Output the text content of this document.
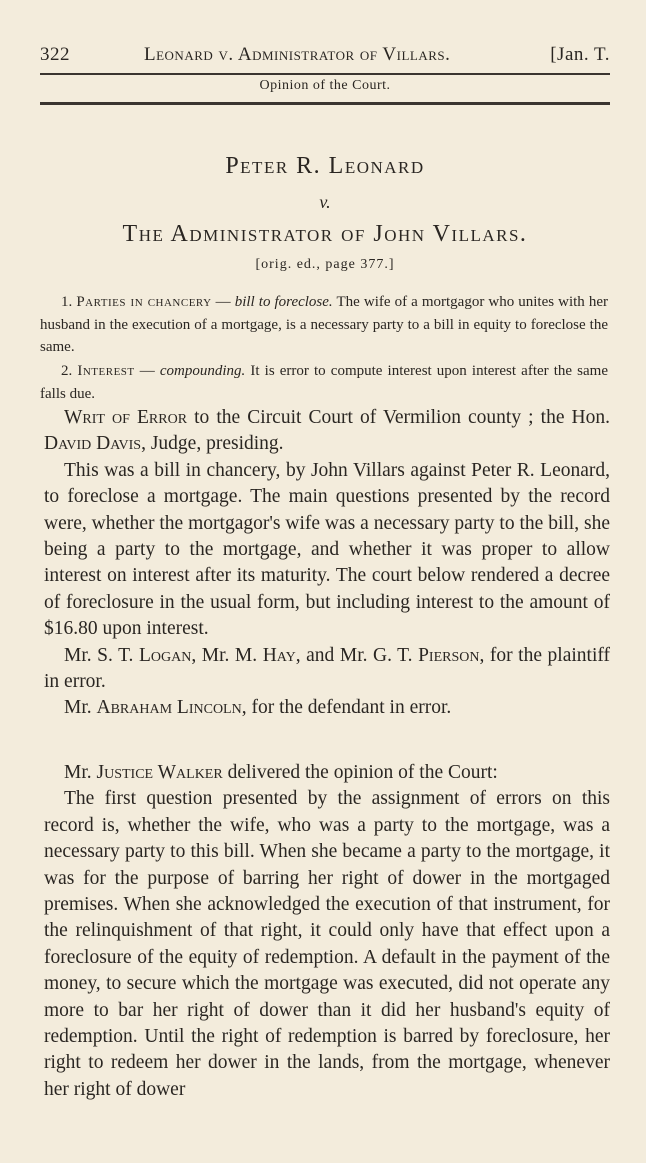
322	Leonard v. Administrator of Villars.	[Jan. T.
Opinion of the Court.
Peter R. Leonard
v.
The Administrator of John Villars.
[orig. ed., page 377.]
1. Parties in chancery — bill to foreclose. The wife of a mortgagor who unites with her husband in the execution of a mortgage, is a necessary party to a bill in equity to foreclose the same.
2. Interest — compounding. It is error to compute interest upon interest after the same falls due.

Writ of Error to the Circuit Court of Vermilion county ; the Hon. David Davis, Judge, presiding.

This was a bill in chancery, by John Villars against Peter R. Leonard, to foreclose a mortgage. The main questions presented by the record were, whether the mortgagor's wife was a necessary party to the bill, she being a party to the mortgage, and whether it was proper to allow interest on interest after its maturity. The court below rendered a decree of foreclosure in the usual form, but including interest to the amount of $16.80 upon interest.

Mr. S. T. Logan, Mr. M. Hay, and Mr. G. T. Pierson, for the plaintiff in error.

Mr. Abraham Lincoln, for the defendant in error.

Mr. Justice Walker delivered the opinion of the Court:

The first question presented by the assignment of errors on this record is, whether the wife, who was a party to the mortgage, was a necessary party to this bill. When she became a party to the mortgage, it was for the purpose of barring her right of dower in the mortgaged premises. When she acknowledged the execution of that instrument, for the relinquishment of that right, it could only have that effect upon a foreclosure of the equity of redemption. A default in the payment of the money, to secure which the mortgage was executed, did not operate any more to bar her right of dower than it did her husband's equity of redemption. Until the right of redemption is barred by foreclosure, her right to redeem her dower in the lands, from the mortgage, whenever her right of dower
